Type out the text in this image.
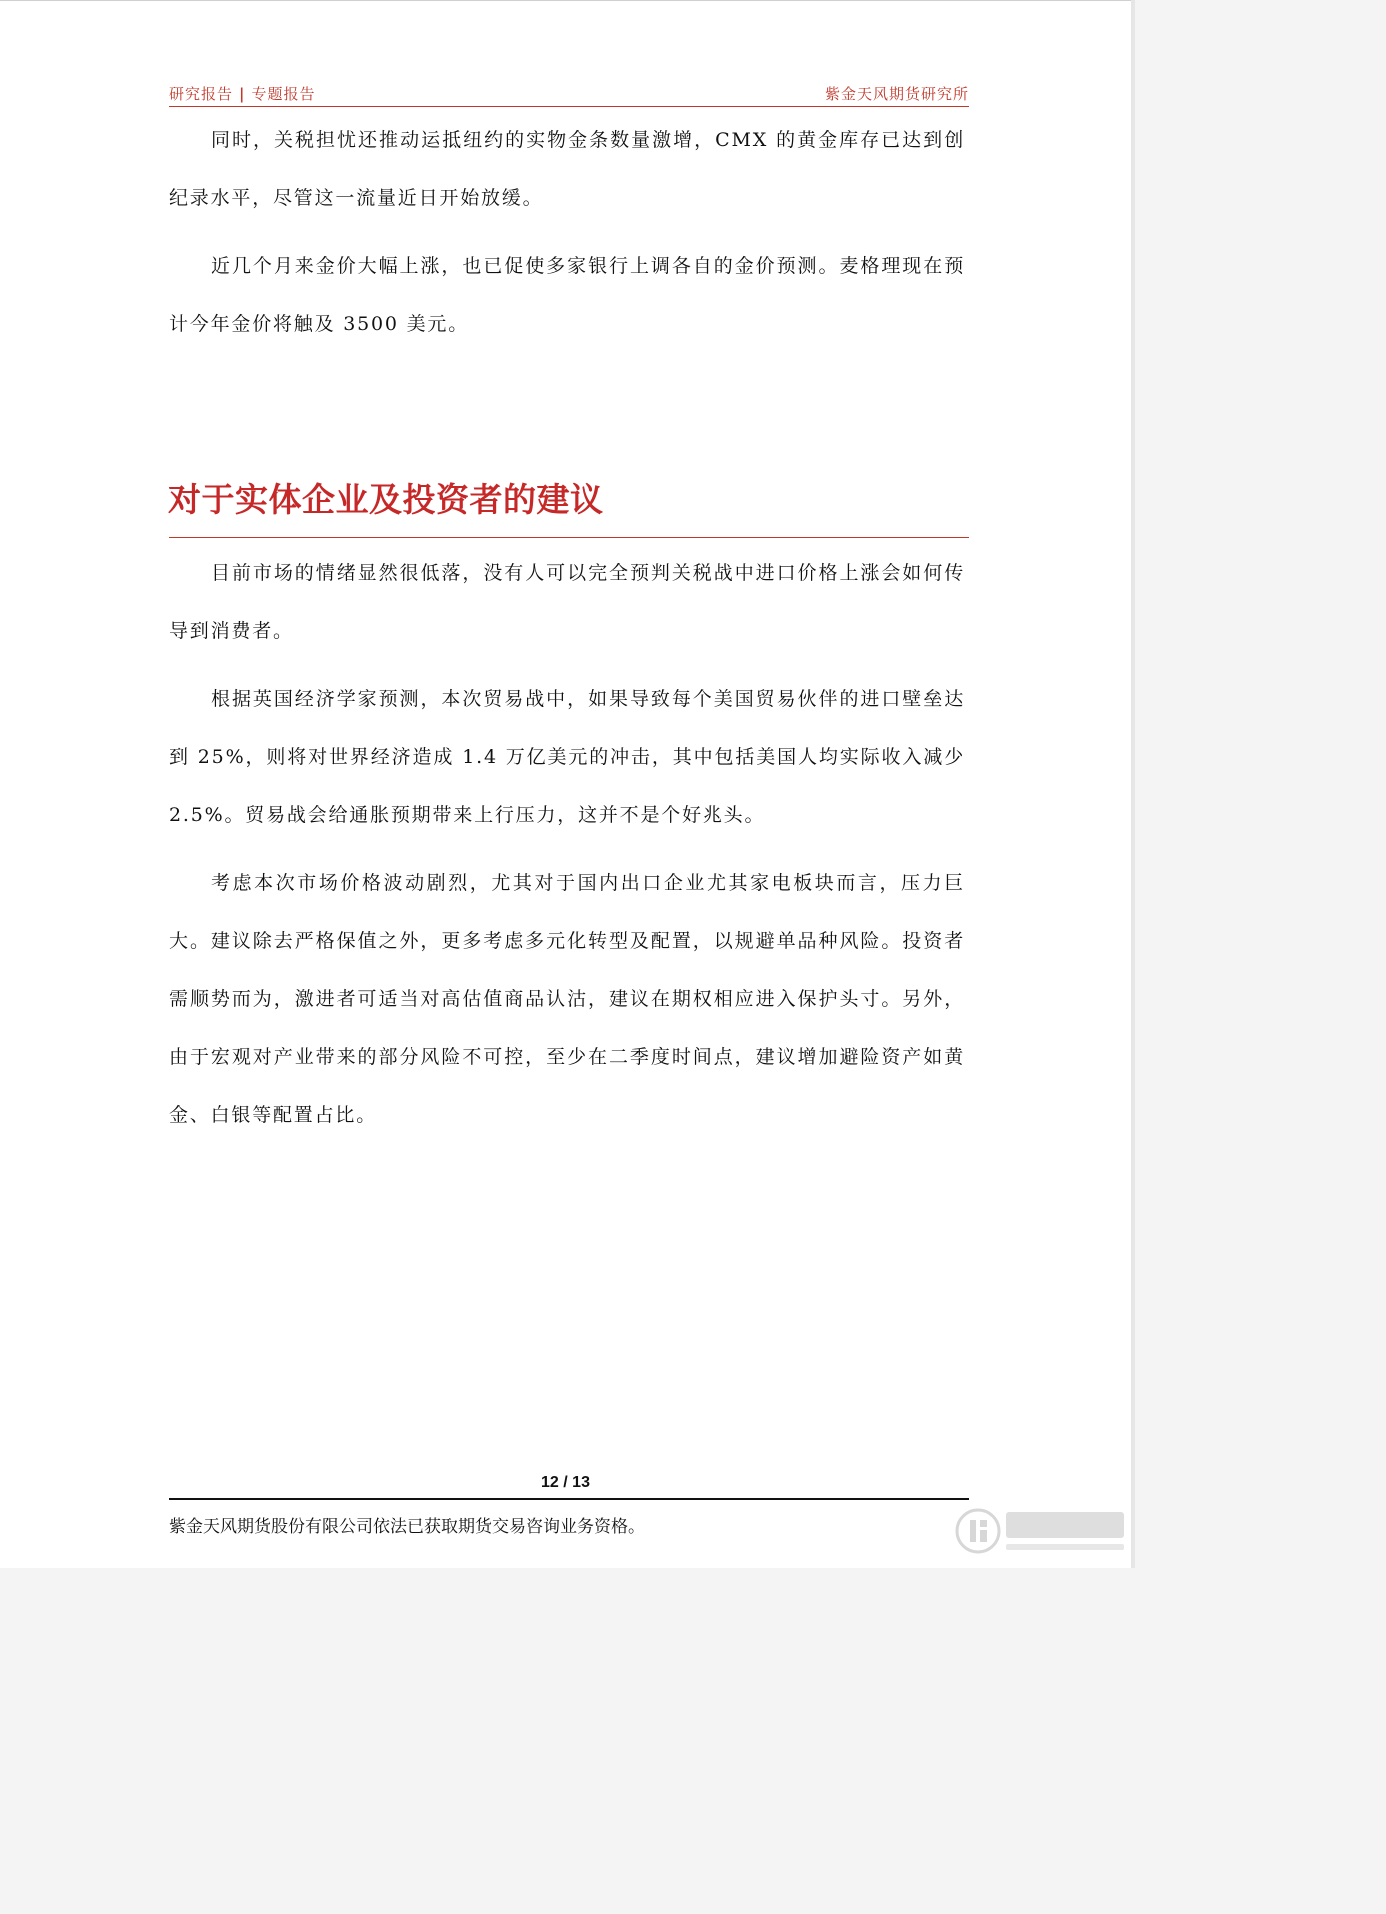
研究报告 | 专题报告	紫金天风期货研究所

同时，关税担忧还推动运抵纽约的实物金条数量激增，CMX 的黄金库存已达到创纪录水平，尽管这一流量近日开始放缓。

近几个月来金价大幅上涨，也已促使多家银行上调各自的金价预测。麦格理现在预计今年金价将触及 3500 美元。

对于实体企业及投资者的建议

目前市场的情绪显然很低落，没有人可以完全预判关税战中进口价格上涨会如何传导到消费者。

根据英国经济学家预测，本次贸易战中，如果导致每个美国贸易伙伴的进口壁垒达到 25%，则将对世界经济造成 1.4 万亿美元的冲击，其中包括美国人均实际收入减少 2.5%。贸易战会给通胀预期带来上行压力，这并不是个好兆头。

考虑本次市场价格波动剧烈，尤其对于国内出口企业尤其家电板块而言，压力巨大。建议除去严格保值之外，更多考虑多元化转型及配置，以规避单品种风险。投资者需顺势而为，激进者可适当对高估值商品认沽，建议在期权相应进入保护头寸。另外，由于宏观对产业带来的部分风险不可控，至少在二季度时间点，建议增加避险资产如黄金、白银等配置占比。

12 / 13
紫金天风期货股份有限公司依法已获取期货交易咨询业务资格。
